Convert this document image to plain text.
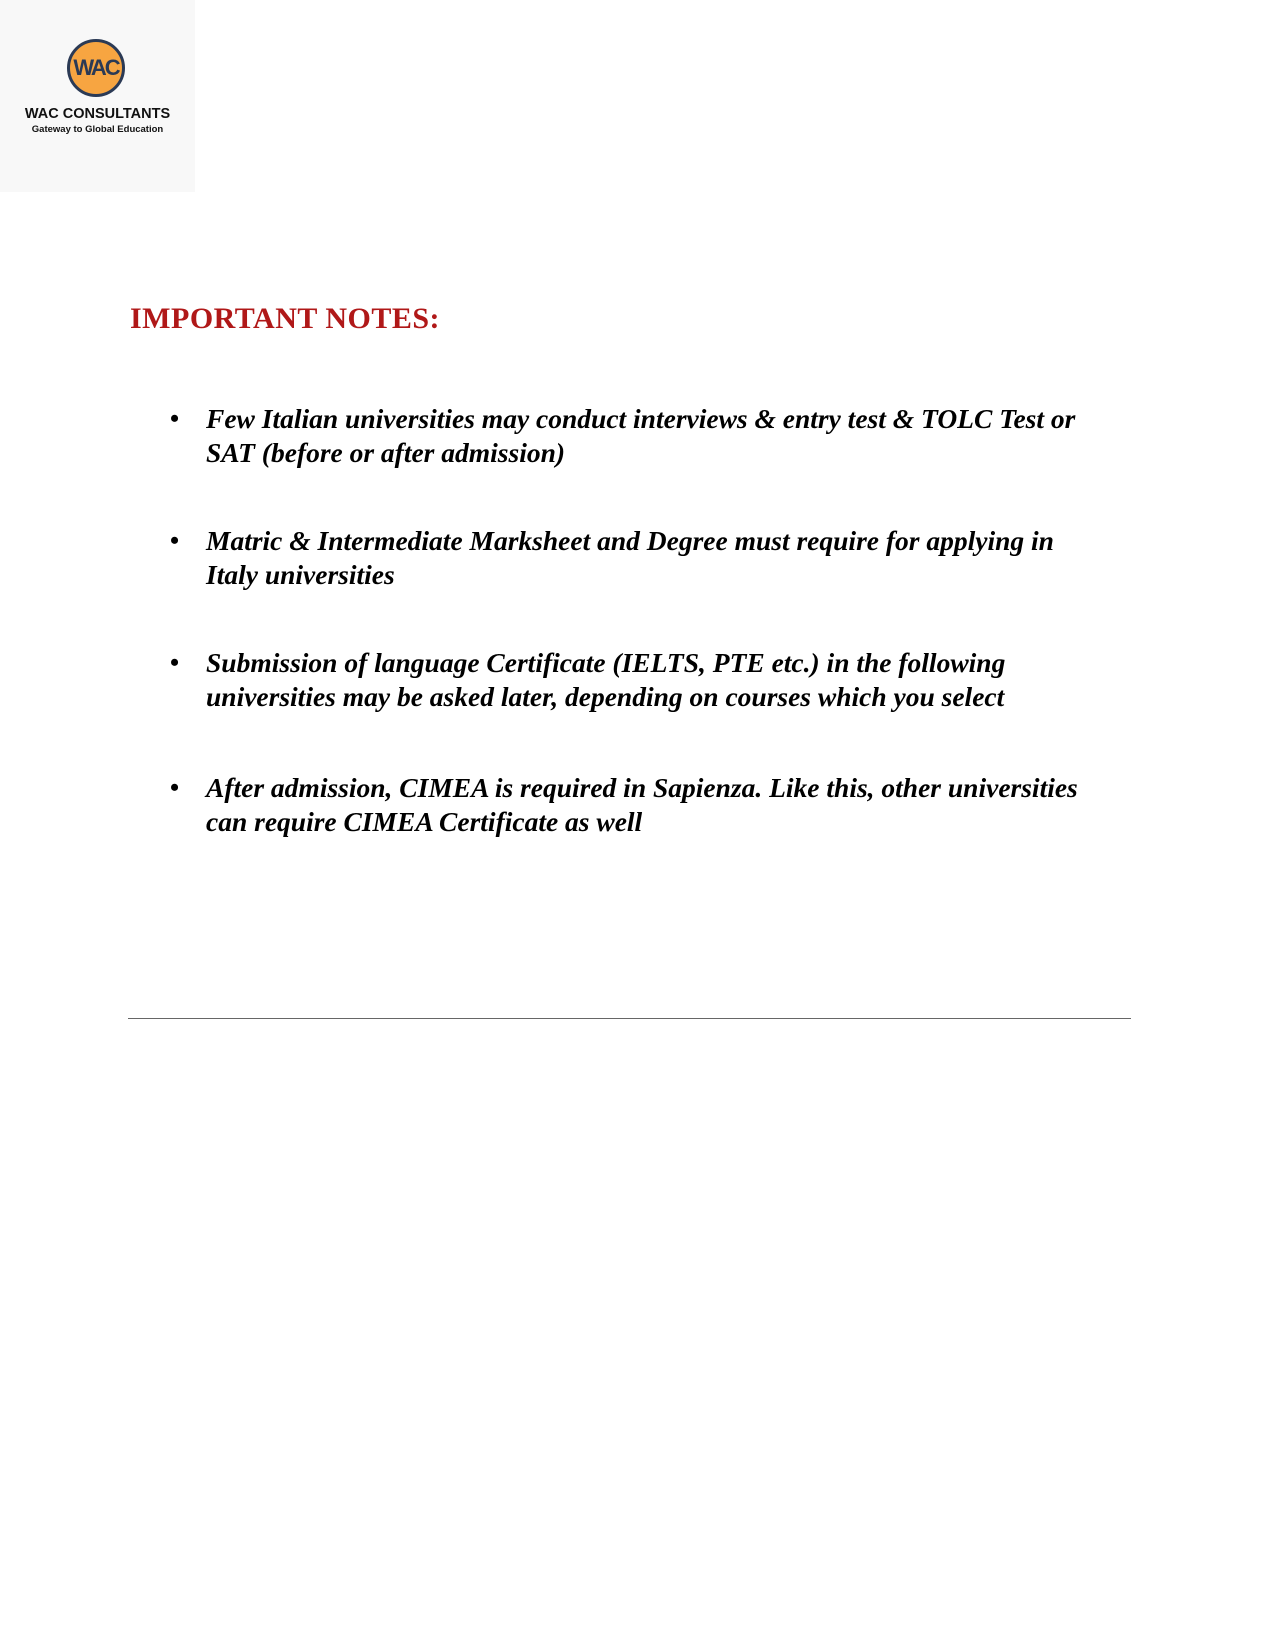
WAC
WAC CONSULTANTS
Gateway to Global Education
IMPORTANT NOTES:
• Few Italian universities may conduct interviews & entry test & TOLC Test or SAT (before or after admission)
• Matric & Intermediate Marksheet and Degree must require for applying in Italy universities
• Submission of language Certificate (IELTS, PTE etc.) in the following universities may be asked later, depending on courses which you select
• After admission, CIMEA is required in Sapienza. Like this, other universities can require CIMEA Certificate as well
